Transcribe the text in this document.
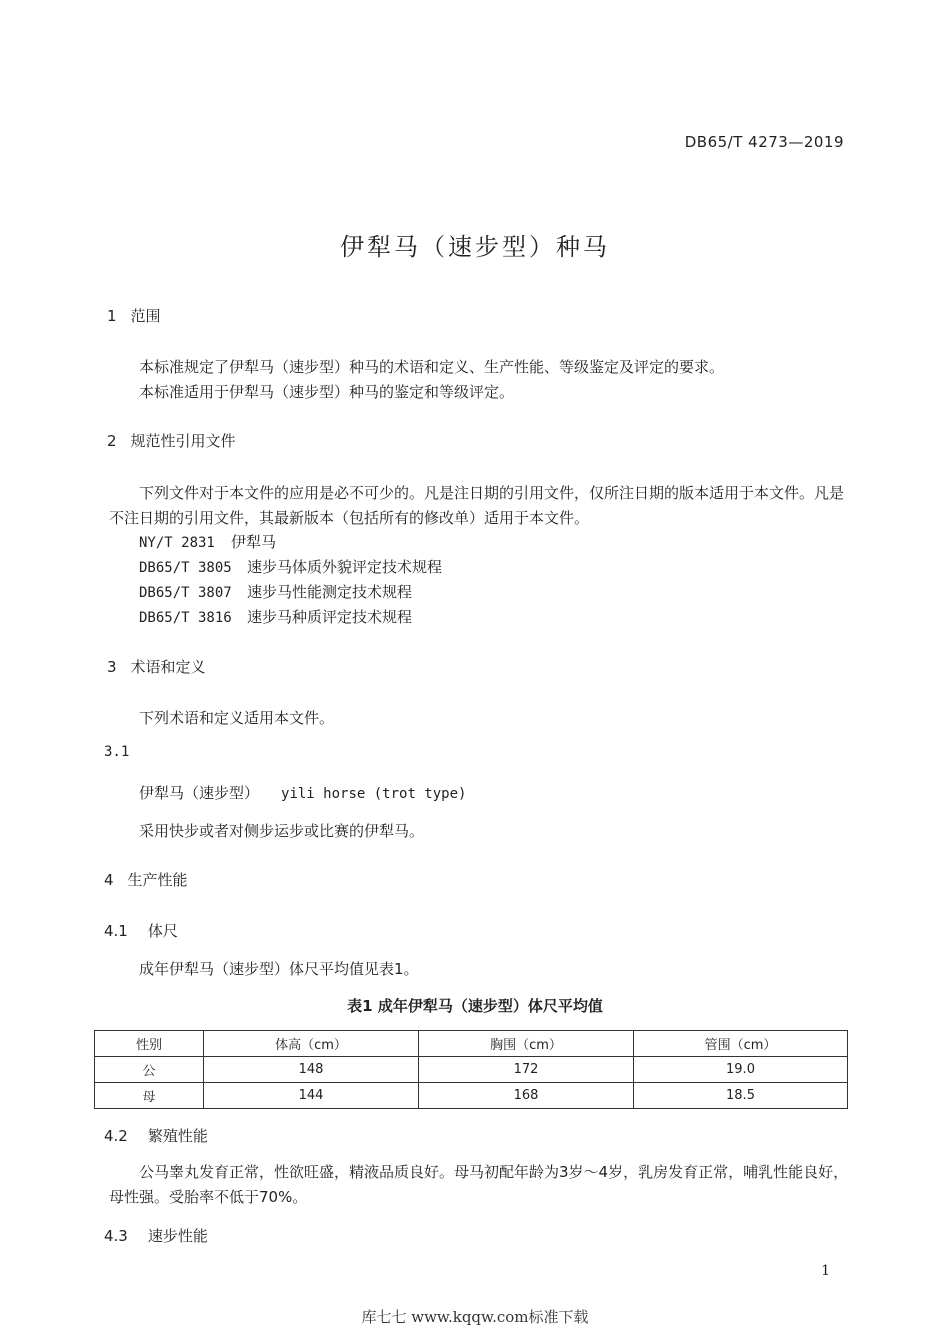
DB65/T 4273—2019
伊犁马（速步型）种马
1 范围
本标准规定了伊犁马（速步型）种马的术语和定义、生产性能、等级鉴定及评定的要求。
本标准适用于伊犁马（速步型）种马的鉴定和等级评定。
2 规范性引用文件
下列文件对于本文件的应用是必不可少的。凡是注日期的引用文件，仅所注日期的版本适用于本文件。凡是不注日期的引用文件，其最新版本（包括所有的修改单）适用于本文件。
NY/T 2831 伊犁马
DB65/T 3805 速步马体质外貌评定技术规程
DB65/T 3807 速步马性能测定技术规程
DB65/T 3816 速步马种质评定技术规程
3 术语和定义
下列术语和定义适用本文件。
3.1
伊犁马（速步型） yili horse (trot type)
采用快步或者对侧步运步或比赛的伊犁马。
4 生产性能
4.1 体尺
成年伊犁马（速步型）体尺平均值见表1。
表1 成年伊犁马（速步型）体尺平均值
性别	体高（cm）	胸围（cm）	管围（cm）
公	148	172	19.0
母	144	168	18.5
4.2 繁殖性能
公马睾丸发育正常，性欲旺盛，精液品质良好。母马初配年龄为3岁～4岁，乳房发育正常，哺乳性能良好，母性强。受胎率不低于70%。
4.3 速步性能
1
库七七 www.kqqw.com标准下载
